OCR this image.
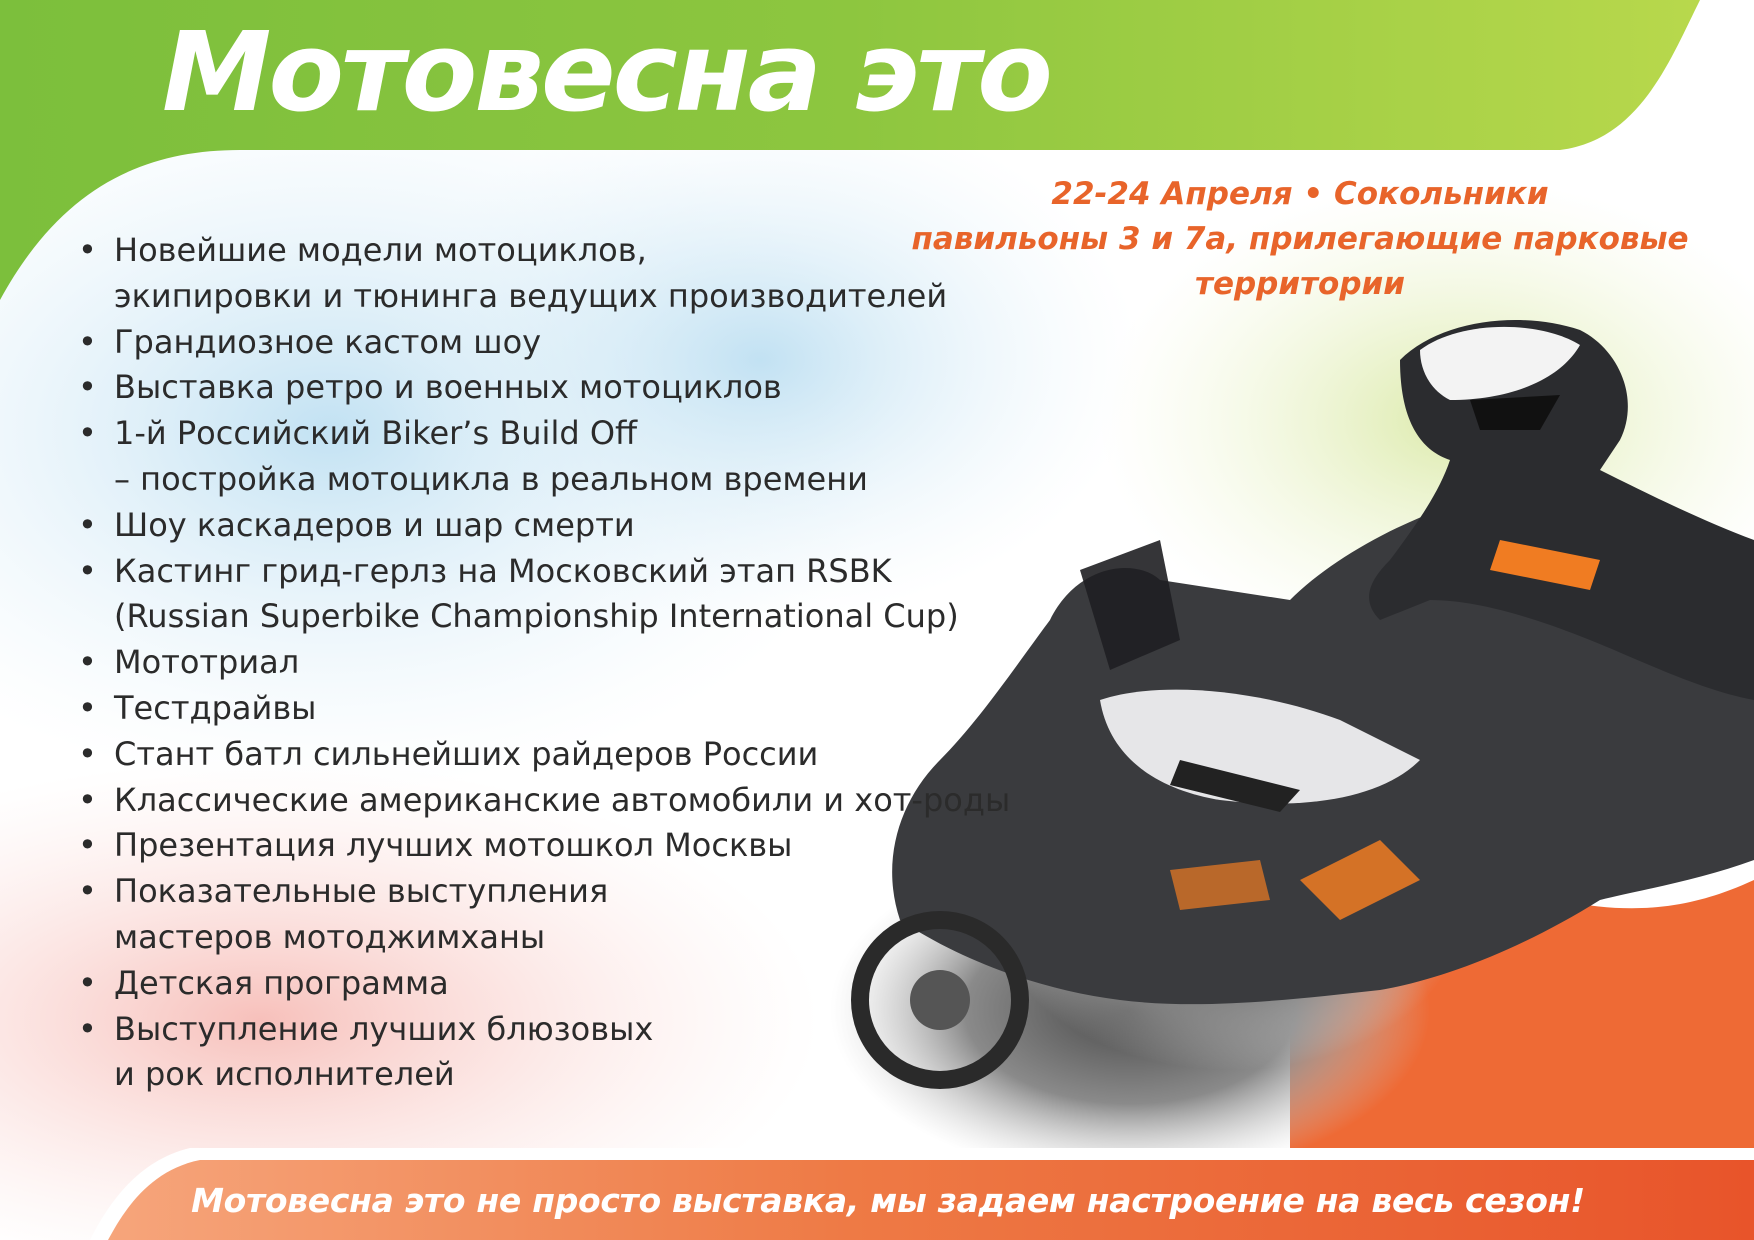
Мотовесна это
22-24 Апреля • Сокольники
павильоны 3 и 7а, прилегающие парковые
территории
• Новейшие модели мотоциклов,
экипировки и тюнинга ведущих производителей
• Грандиозное кастом шоу
• Выставка ретро и военных мотоциклов
• 1-й Российский Biker’s Build Off
– постройка мотоцикла в реальном времени
• Шоу каскадеров и шар смерти
• Кастинг грид-герлз на Московский этап RSBK
(Russian Superbike Championship International Cup)
• Мототриал
• Тестдрайвы
• Стант батл сильнейших райдеров России
• Классические американские автомобили и хот-роды
• Презентация лучших мотошкол Москвы
• Показательные выступления
мастеров мотоджимханы
• Детская программа
• Выступление лучших блюзовых
и рок исполнителей
Мотовесна это не просто выставка, мы задаем настроение на весь сезон!
